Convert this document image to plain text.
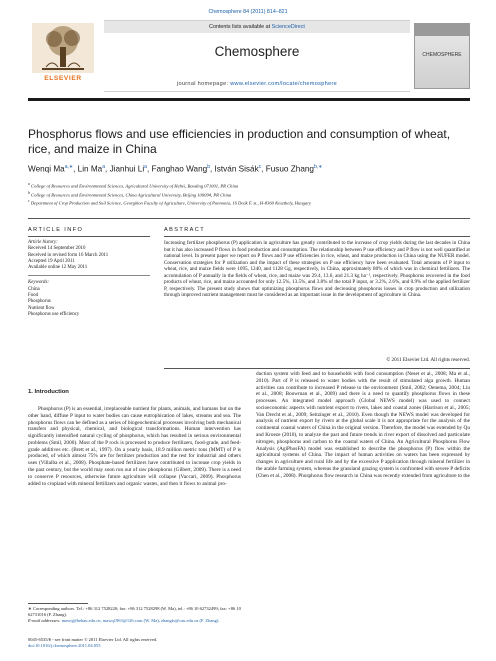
Chemosphere 84 (2011) 814–821
ELSEVIER
Contents lists available at ScienceDirect
Chemosphere
journal homepage: www.elsevier.com/locate/chemosphere
CHEMOSPHERE
Phosphorus flows and use efficiencies in production and consumption of wheat, rice, and maize in China
Wenqi $Ma^{a,∗}$, Lin Ma$^a$, Jianhui Li$^a$, Fanghao Wang$^b$, István Sisák$^c$, Fusuo Zhang$^{b,∗}$
$^a$ College of Resources and Environmental Sciences, Agricultural University of Hebei, Baoding 071001, PR China
$^b$ College of Resources and Environmental Sciences, China Agricultural University, Beijing 100094, PR China
$^c$ Department of Crop Production and Soil Science, Georgikon Faculty of Agriculture, University of Pannonia, 16 Deák F. st., H-8360 Keszthely, Hungary
ARTICLE INFO	ABSTRACT
Article history:
Received 14 September 2010
Received in revised form 16 March 2011
Accepted 19 April 2011
Available online 12 May 2011
Keywords:
China
Food
Phosphorus
Nutrient flow
Phosphorus use efficiency

Increasing fertilizer phosphorus (P) application in agriculture has greatly contributed to the increase of crop yields during the last decades in China but it has also increased P flows in food production and consumption. The relationship between P use efficiency and P flow is not well quantified at national level. In present paper we report on P flows and P use efficiencies in rice, wheat, and maize production in China using the NUFER model. Conservation strategies for P utilization and the impact of these strategies on P use efficiency have been evaluated. Total amounts of P input to wheat, rice, and maize fields were 1095, 1240, and 1128 Gg, respectively, in China, approximately 80% of which was in chemical fertilizers. The accumulation of P annually in the fields of wheat, rice, and maize was 29.4, 13.6, and 21.3 kg ha⁻¹, respectively. Phosphorus recovered in the food products of wheat, rice, and maize accounted for only 12.5%, 13.5%, and 3.8% of the total P input, or 3.2%, 2.6%, and 0.9% of the applied fertilizer P, respectively. The present study shows that optimizing phosphorus flows and decreasing phosphorus losses in crop production and utilization through improved nutrient management must be considered as an important issue in the development of agriculture in China.

© 2011 Elsevier Ltd. All rights reserved.
1. Introduction

Phosphorus (P) is an essential, irreplaceable nutrient for plants, animals, and humans but on the other hand, diffuse P input to water bodies can cause eutrophication of lakes, streams and sea. The phosphorus flows can be defined as a series of biogeochemical processes involving both mechanical transfers and physical, chemical, and biological transformations. Human intervention has significantly intensified natural cycling of phosphorus, which has resulted in serious environmental problems (Smil, 2000). Most of the P rock is processed to produce fertilizers, food-grade, and feed-grade additives etc. (Brett et al., 1997). On a yearly basis, 18.9 million metric tons (MMT) of P is produced, of which almost 75% are for fertilizer production and the rest for industrial and others uses (Villalba et al., 2008). Phosphate-based fertilizers have contributed to increase crop yields in the past century, but the world may soon run out of raw phosphorus (Gilbert, 2009). There is a need to conserve P resources, otherwise future agriculture will collapse (Vaccari, 2009). Phosphorus added to cropland with mineral fertilizers and organic wastes, and then it flows to animal pro-

duction system with feed and to households with food consumption (Neset et al., 2008; Ma et al., 2010). Part of P is released to water bodies with the result of stimulated alga growth. Human activities can contribute to increased P release to the environment (Smil, 2002; Oenema, 2004; Liu et al., 2008; Bouwman et al., 2009) and there is a need to quantify phosphorus flows in these processes. An integrated model approach (Global NEWS model) was used to connect socioeconomic aspects with nutrient export to rivers, lakes and coastal zones (Harrison et al., 2005; Van Drecht et al., 2009; Seitzinger et al., 2010). Even though the NEWS model was developed for analysis of nutrient export by rivers at the global scale it is not appropriate for the analysis of the continental coastal waters of China in the original version. Therefore, the model was extended by Qu and Kroeze (2010), to analyze the past and future trends in river export of dissolved and particulate nitrogen, phosphorus and carbon to the coastal waters of China. An Agricultural Phosphorus Flow Analysis (AgiPhosFA) model was established to describe the phosphorus (P) flow within the agricultural systems of China. The impact of human activities on waters has been expressed by changes in agriculture and rural life and by the excessive P application through mineral fertilizer in the arable farming system, whereas the grassland grazing system is confronted with severe P deficits (Chen et al., 2008). Phosphorus flow research in China was recently extended from agriculture to the

∗ Corresponding authors. Tel.: +86 312 7528220; fax: +86 312 7528298 (W. Ma), tel.: +86 10 62732499; fax: +86 10 62731016 (F. Zhang).
E-mail addresses: mawq@hebau.edu.cn, mawq1963@126.com (W. Ma), zhangfs@cau.edu.cn (F. Zhang).
0045-6535/$ - see front matter © 2011 Elsevier Ltd. All rights reserved.
doi:10.1016/j.chemosphere.2011.04.055
